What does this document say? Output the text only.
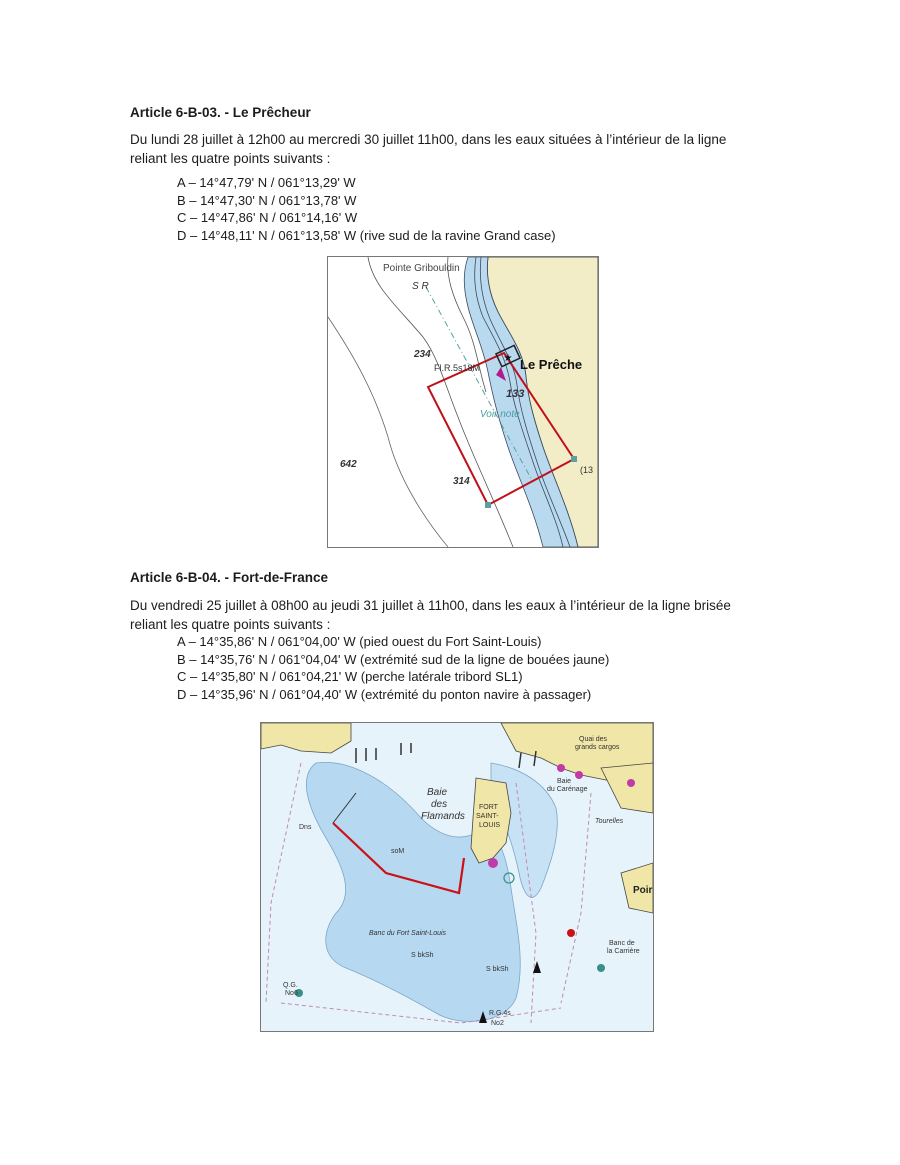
Article 6-B-03. - Le Prêcheur
Du lundi 28 juillet à 12h00 au mercredi 30 juillet 11h00, dans les eaux situées à l’intérieur de la ligne
reliant les quatre points suivants :
A – 14°47,79' N / 061°13,29' W
B – 14°47,30' N / 061°13,78' W
C – 14°47,86' N / 061°14,16' W
D – 14°48,11' N / 061°13,58' W (rive sud de la ravine Grand case)
★
Pointe Gribouldin
S R
234
Fl.R.5s18M	Le Prêche
133
Voir note
642
314
(13
Article 6-B-04. - Fort-de-France
Du vendredi 25 juillet à 08h00 au jeudi 31 juillet à 11h00, dans les eaux à l’intérieur de la ligne brisée
reliant les quatre points suivants :
A – 14°35,86' N / 061°04,00' W (pied ouest du Fort Saint-Louis)
B – 14°35,76' N / 061°04,04' W (extrémité sud de la ligne de bouées jaune)
C – 14°35,80' N / 061°04,21' W (perche latérale tribord SL1)
D – 14°35,96' N / 061°04,40' W (extrémité du ponton navire à passager)
Baie
des
Flamands
FORT
SAINT-
LOUIS
Banc du Fort Saint-Louis
Quai des
grands cargos
Baie
du Carénage
Tourelles
Banc de
la Carrière
Poir
S bkSh
S bkSh
soM
Dns
Q.G.
No6
R.G.4s
No2
